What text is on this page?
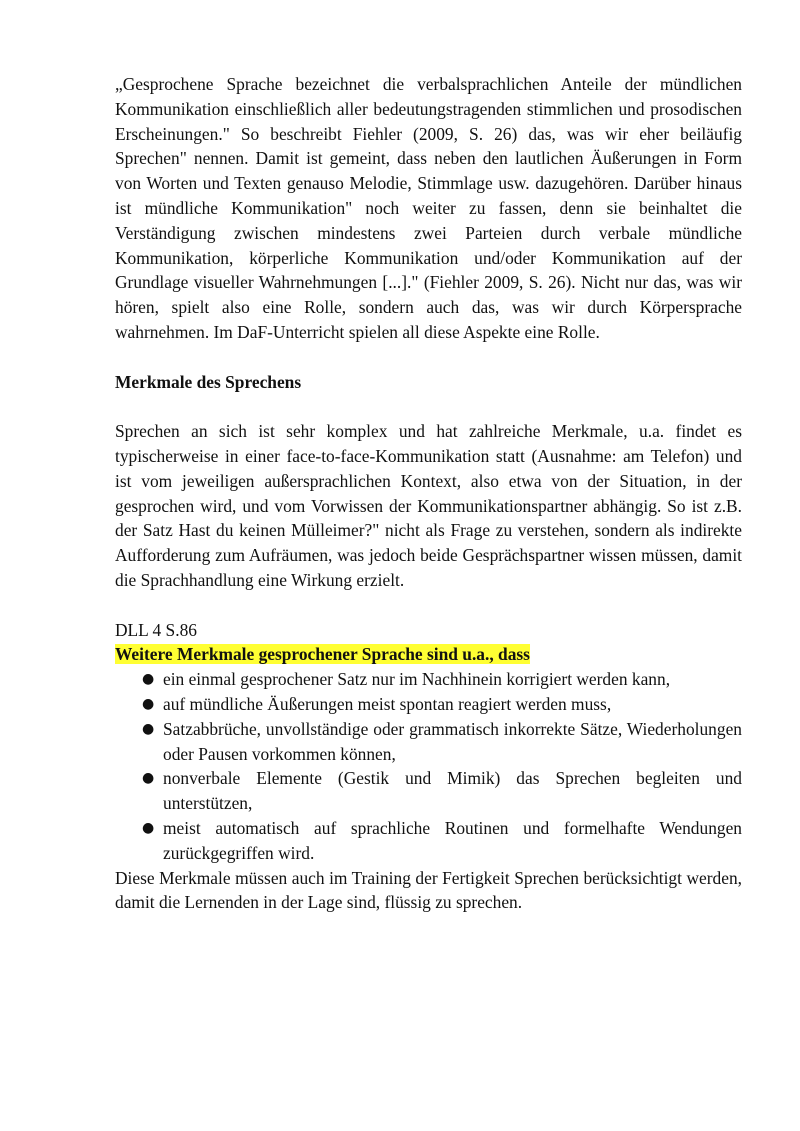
„Gesprochene Sprache bezeichnet die verbalsprachlichen Anteile der mündlichen Kommunikation einschließlich aller bedeutungstragenden stimmlichen und prosodischen Erscheinungen." So beschreibt Fiehler (2009, S. 26) das, was wir eher beiläufig Sprechen" nennen. Damit ist gemeint, dass neben den lautlichen Äußerungen in Form von Worten und Texten genauso Melodie, Stimmlage usw. dazugehören. Darüber hinaus ist mündliche Kommunikation" noch weiter zu fassen, denn sie beinhaltet die Verständigung zwischen mindestens zwei Parteien durch verbale mündliche Kommunikation, körperliche Kommunikation und/oder Kommunikation auf der Grundlage visueller Wahrnehmungen [...]." (Fiehler 2009, S. 26). Nicht nur das, was wir hören, spielt also eine Rolle, sondern auch das, was wir durch Körpersprache wahrnehmen. Im DaF-Unterricht spielen all diese Aspekte eine Rolle.

Merkmale des Sprechens

Sprechen an sich ist sehr komplex und hat zahlreiche Merkmale, u.a. findet es typischerweise in einer face-to-face-Kommunikation statt (Ausnahme: am Telefon) und ist vom jeweiligen außersprachlichen Kontext, also etwa von der Situation, in der gesprochen wird, und vom Vorwissen der Kommunikationspartner abhängig. So ist z.B. der Satz Hast du keinen Mülleimer?" nicht als Frage zu verstehen, sondern als indirekte Aufforderung zum Aufräumen, was jedoch beide Gesprächspartner wissen müssen, damit die Sprachhandlung eine Wirkung erzielt.

DLL 4 S.86

Weitere Merkmale gesprochener Sprache sind u.a., dass

● ein einmal gesprochener Satz nur im Nachhinein korrigiert werden kann,
● auf mündliche Äußerungen meist spontan reagiert werden muss,
● Satzabbrüche, unvollständige oder grammatisch inkorrekte Sätze, Wiederholungen oder Pausen vorkommen können,
● nonverbale Elemente (Gestik und Mimik) das Sprechen begleiten und unterstützen,
● meist automatisch auf sprachliche Routinen und formelhafte Wendungen zurückgegriffen wird.

Diese Merkmale müssen auch im Training der Fertigkeit Sprechen berücksichtigt werden, damit die Lernenden in der Lage sind, flüssig zu sprechen.
